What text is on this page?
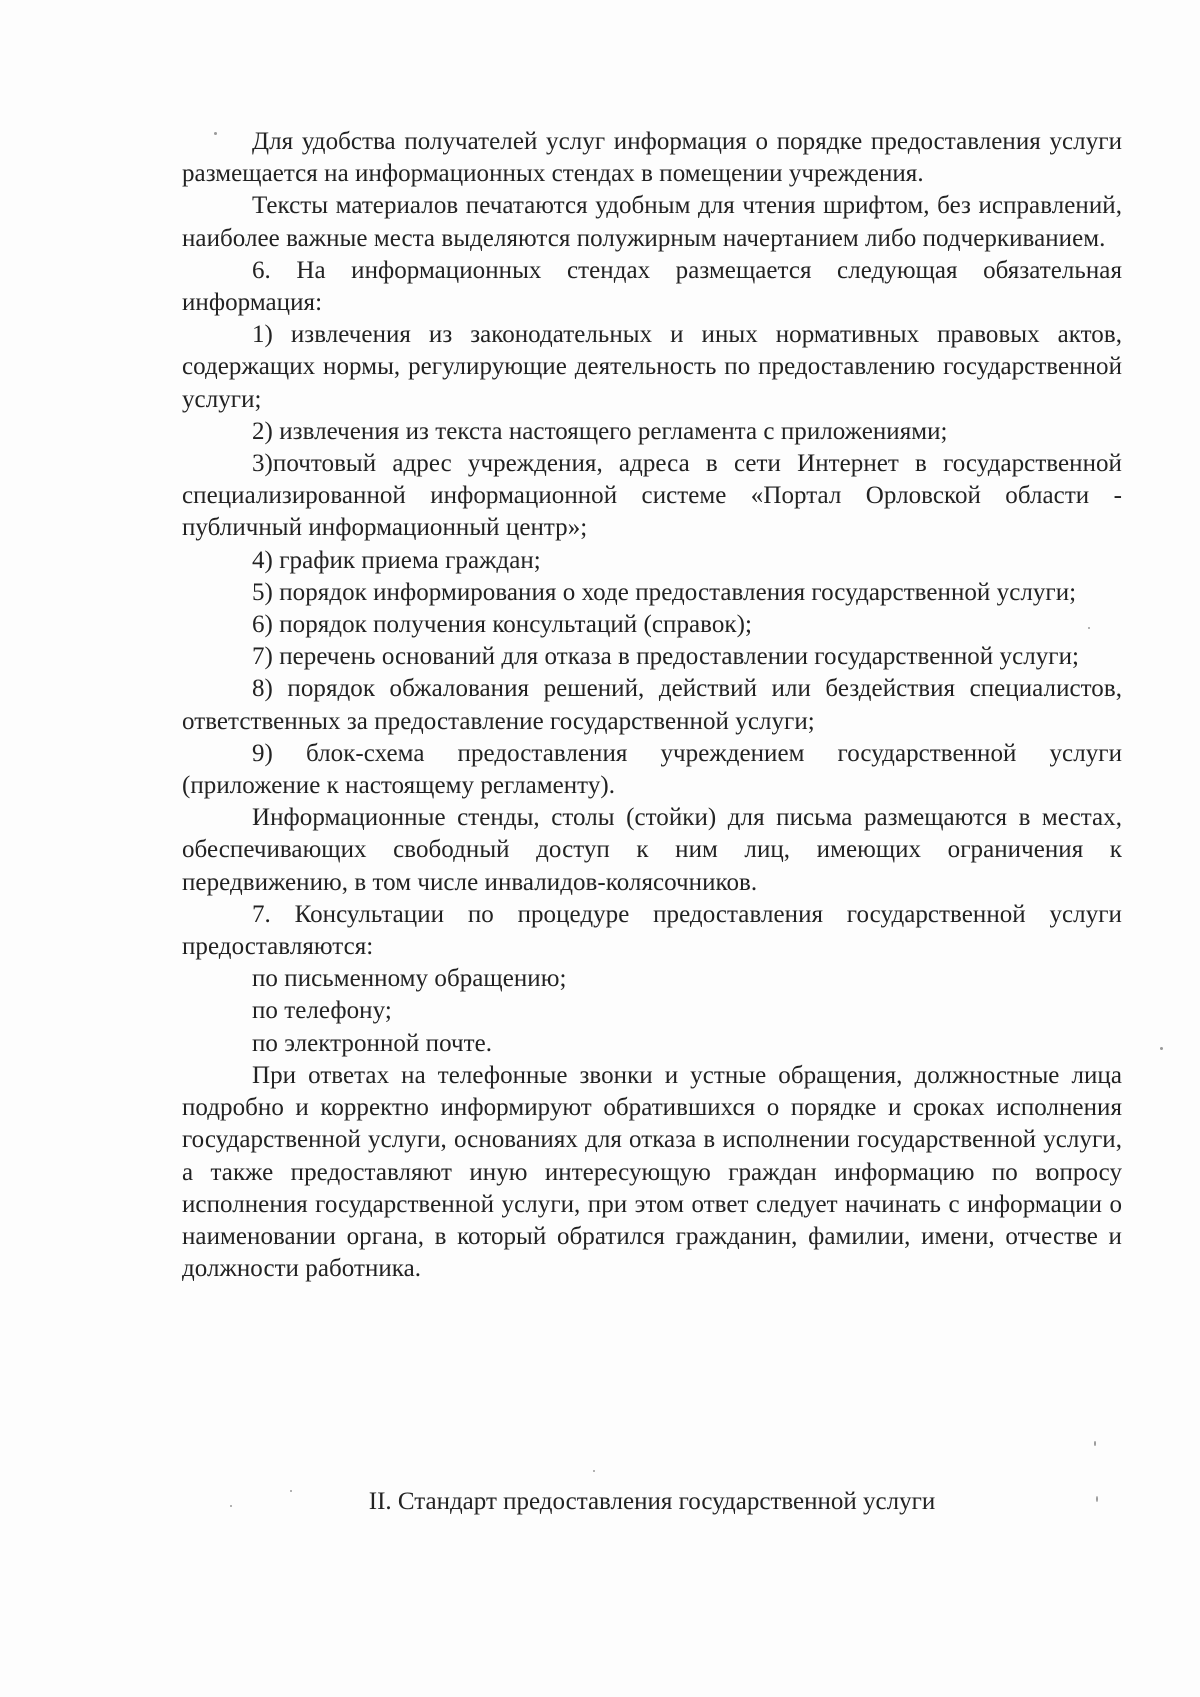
Для удобства получателей услуг информация о порядке предоставления услуги размещается на информационных стендах в помещении учреждения.

Тексты материалов печатаются удобным для чтения шрифтом, без исправлений, наиболее важные места выделяются полужирным начертанием либо подчеркиванием.

6. На информационных стендах размещается следующая обязательная информация:

1) извлечения из законодательных и иных нормативных правовых актов, содержащих нормы, регулирующие деятельность по предоставлению государственной услуги;

2) извлечения из текста настоящего регламента с приложениями;

3)почтовый адрес учреждения, адреса в сети Интернет в государственной специализированной информационной системе «Портал Орловской области - публичный информационный центр»;

4) график приема граждан;

5) порядок информирования о ходе предоставления государственной услуги;

6) порядок получения консультаций (справок);

7) перечень оснований для отказа в предоставлении государственной услуги;

8) порядок обжалования решений, действий или бездействия специалистов, ответственных за предоставление государственной услуги;

9) блок-схема предоставления учреждением государственной услуги (приложение к настоящему регламенту).

Информационные стенды, столы (стойки) для письма размещаются в местах, обеспечивающих свободный доступ к ним лиц, имеющих ограничения к передвижению, в том числе инвалидов-колясочников.

7. Консультации по процедуре предоставления государственной услуги предоставляются:

по письменному обращению;

по телефону;

по электронной почте.

При ответах на телефонные звонки и устные обращения, должностные лица подробно и корректно информируют обратившихся о порядке и сроках исполнения государственной услуги, основаниях для отказа в исполнении государственной услуги, а также предоставляют иную интересующую граждан информацию по вопросу исполнения государственной услуги, при этом ответ следует начинать с информации о наименовании органа, в который обратился гражданин, фамилии, имени, отчестве и должности работника.

II. Стандарт предоставления государственной услуги
